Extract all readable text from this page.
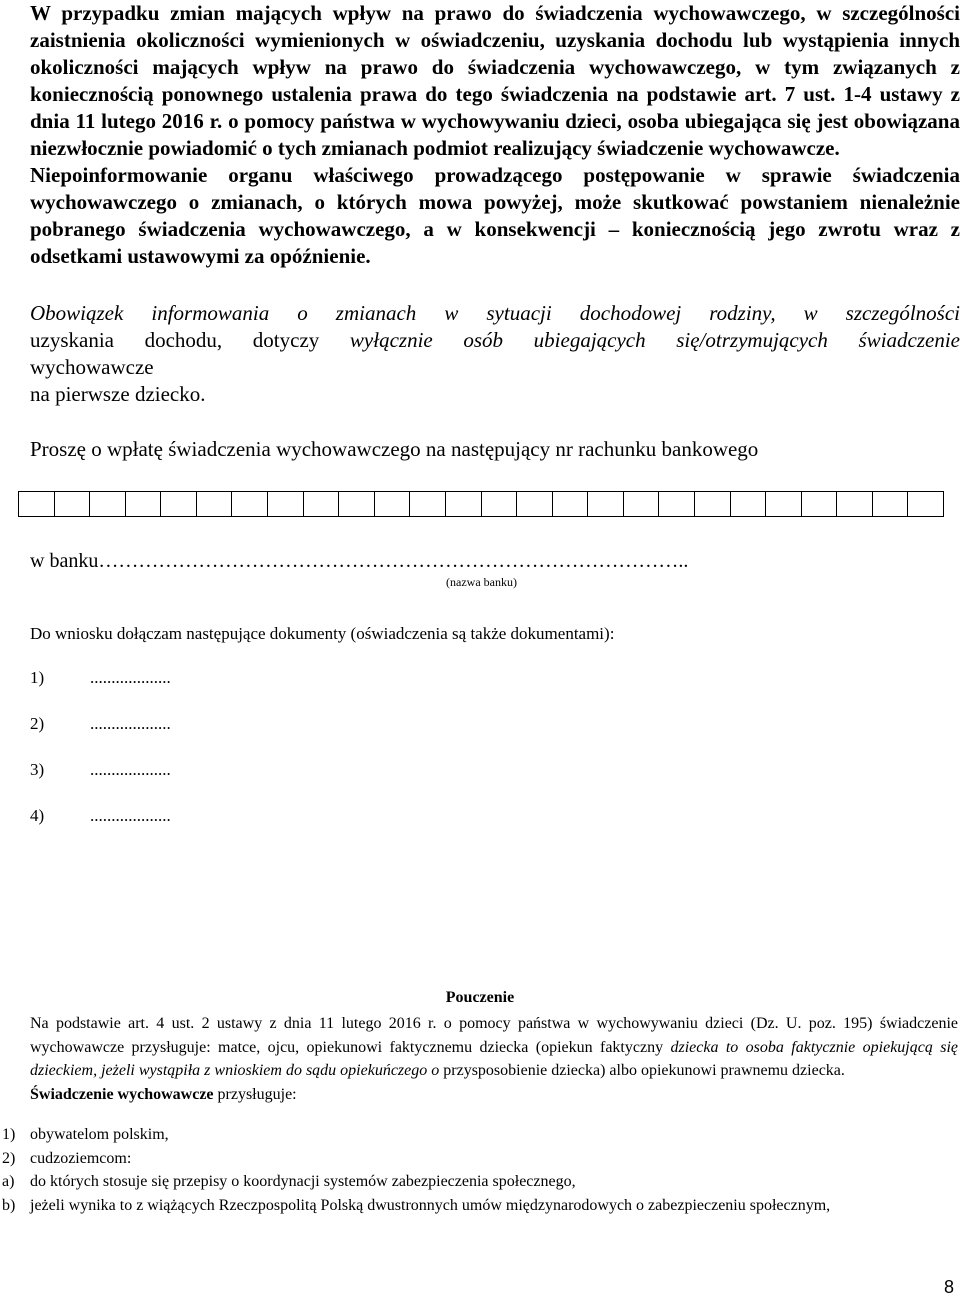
W przypadku zmian mających wpływ na prawo do świadczenia wychowawczego, w szczególności zaistnienia okoliczności wymienionych w oświadczeniu, uzyskania dochodu lub wystąpienia innych okoliczności mających wpływ na prawo do świadczenia wychowawczego, w tym związanych z koniecznością ponownego ustalenia prawa do tego świadczenia na podstawie art. 7 ust. 1-4 ustawy z dnia 11 lutego 2016 r. o pomocy państwa w wychowywaniu dzieci, osoba ubiegająca się jest obowiązana niezwłocznie powiadomić o tych zmianach podmiot realizujący świadczenie wychowawcze.

Niepoinformowanie organu właściwego prowadzącego postępowanie w sprawie świadczenia wychowawczego o zmianach, o których mowa powyżej, może skutkować powstaniem nienależnie pobranego świadczenia wychowawczego, a w konsekwencji – koniecznością jego zwrotu wraz z odsetkami ustawowymi za opóźnienie.

Obowiązek informowania o zmianach w sytuacji dochodowej rodziny, w szczególności
uzyskania dochodu, dotyczy wyłącznie osób ubiegających się/otrzymujących świadczenie
wychowawcze
na pierwsze dziecko.
Proszę o wpłatę świadczenia wychowawczego na następujący nr rachunku bankowego
w banku……………………………………………………………………………..
(nazwa banku)
Do wniosku dołączam następujące dokumenty (oświadczenia są także dokumentami):
1)	...................
2)	...................
3)	...................
4)	...................
Pouczenie

Na podstawie art. 4 ust. 2 ustawy z dnia 11 lutego 2016 r. o pomocy państwa w wychowywaniu dzieci (Dz. U. poz. 195) świadczenie wychowawcze przysługuje: matce, ojcu, opiekunowi faktycznemu dziecka (opiekun faktyczny dziecka to osoba faktycznie opiekującą się dzieckiem, jeżeli wystąpiła z wnioskiem do sądu opiekuńczego o przysposobienie dziecka) albo opiekunowi prawnemu dziecka.

Świadczenie wychowawcze przysługuje:

1) obywatelom polskim,
2) cudzoziemcom:
a) do których stosuje się przepisy o koordynacji systemów zabezpieczenia społecznego,
b) jeżeli wynika to z wiążących Rzeczpospolitą Polską dwustronnych umów międzynarodowych o zabezpieczeniu społecznym,
8
